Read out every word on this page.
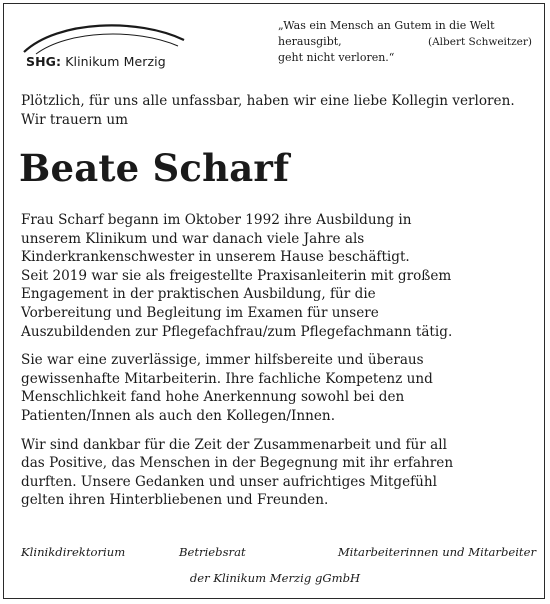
SHG: Klinikum Merzig
„Was ein Mensch an Gutem in die Welt herausgibt,
geht nicht verloren.“
(Albert Schweitzer)
Plötzlich, für uns alle unfassbar, haben wir eine liebe Kollegin verloren. Wir trauern um
Beate Scharf

Frau Scharf begann im Oktober 1992 ihre Ausbildung in
unserem Klinikum und war danach viele Jahre als
Kinderkrankenschwester in unserem Hause beschäftigt.
Seit 2019 war sie als freigestellte Praxisanleiterin mit großem
Engagement in der praktischen Ausbildung, für die
Vorbereitung und Begleitung im Examen für unsere
Auszubildenden zur Pflegefachfrau/zum Pflegefachmann tätig.

Sie war eine zuverlässige, immer hilfsbereite und überaus
gewissenhafte Mitarbeiterin. Ihre fachliche Kompetenz und
Menschlichkeit fand hohe Anerkennung sowohl bei den
Patienten/Innen als auch den Kollegen/Innen.

Wir sind dankbar für die Zeit der Zusammenarbeit und für all
das Positive, das Menschen in der Begegnung mit ihr erfahren
durften. Unsere Gedanken und unser aufrichtiges Mitgefühl
gelten ihren Hinterbliebenen und Freunden.

Klinikdirektorium	Betriebsrat	Mitarbeiterinnen und Mitarbeiter
der Klinikum Merzig gGmbH
